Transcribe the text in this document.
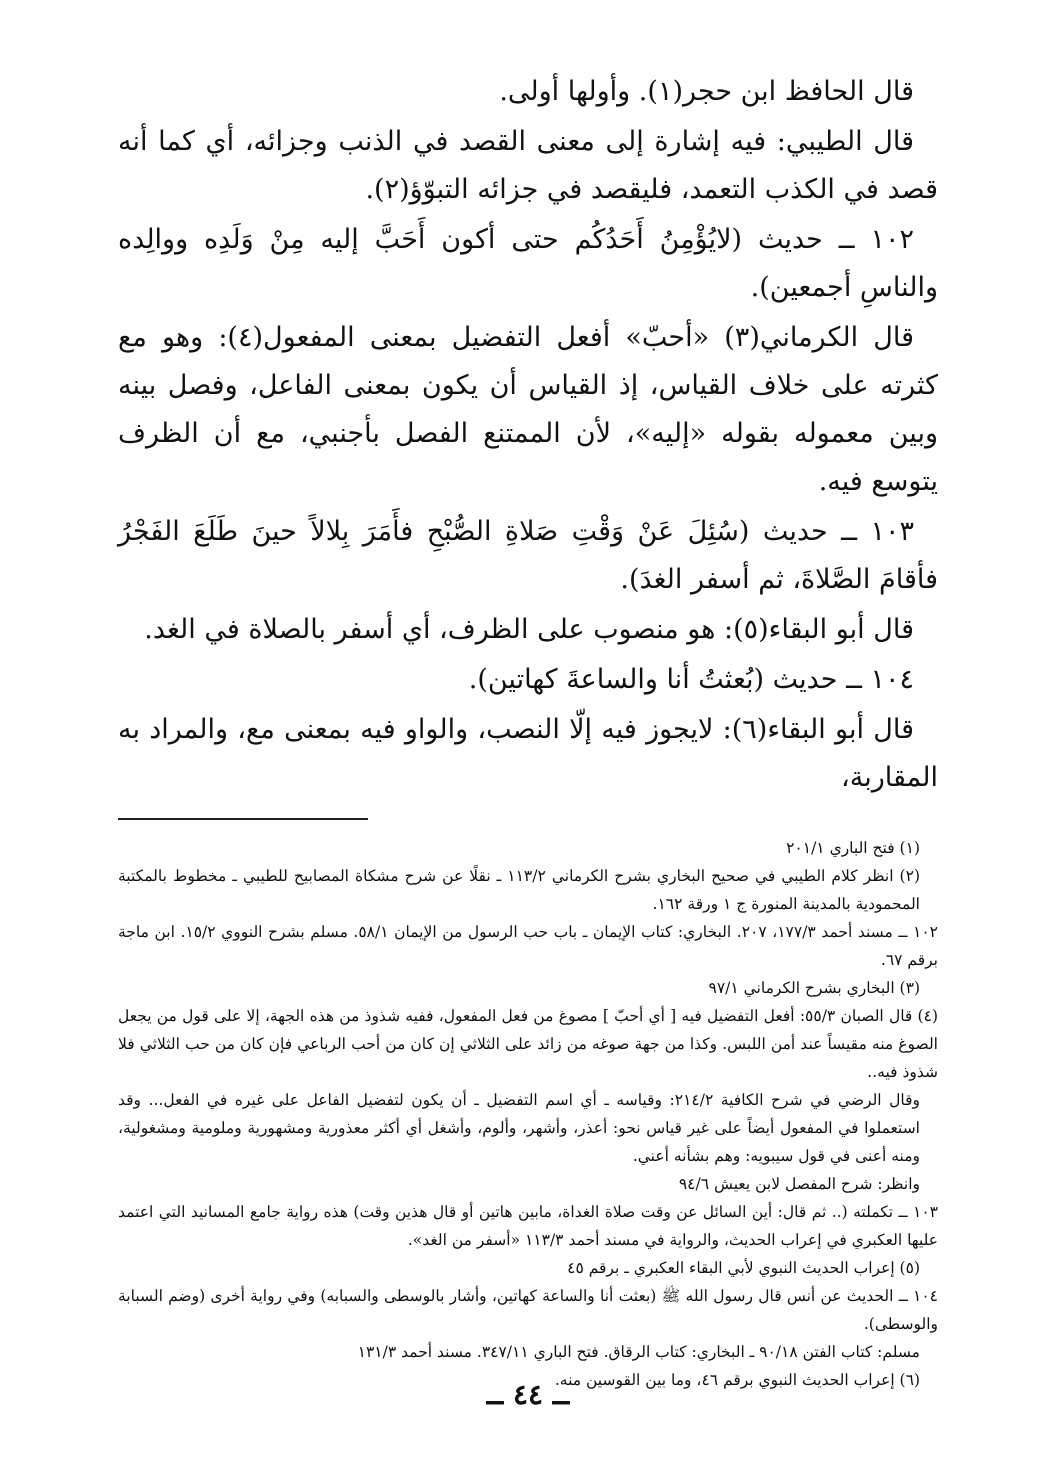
قال الحافظ ابن حجر(١). وأولها أولى.

قال الطيبي: فيه إشارة إلى معنى القصد في الذنب وجزائه، أي كما أنه قصد في الكذب التعمد، فليقصد في جزائه التبوّؤ(٢).

١٠٢ ــ حديث (لايُؤْمِنُ أَحَدُكُم حتى أكون أَحَبَّ إليه مِنْ وَلَدِه ووالِده والناسِ أجمعين).

قال الكرماني(٣) «أحبّ» أفعل التفضيل بمعنى المفعول(٤): وهو مع كثرته على خلاف القياس، إذ القياس أن يكون بمعنى الفاعل، وفصل بينه وبين معموله بقوله «إليه»، لأن الممتنع الفصل بأجنبي، مع أن الظرف يتوسع فيه.

١٠٣ ــ حديث (سُئِلَ عَنْ وَقْتِ صَلاةِ الصُّبْحِ فأَمَرَ بِلالاً حينَ طَلَعَ الفَجْرُ فأقامَ الصَّلاةَ، ثم أسفر الغدَ).

قال أبو البقاء(٥): هو منصوب على الظرف، أي أسفر بالصلاة في الغد.

١٠٤ ــ حديث (بُعثتُ أنا والساعةَ كهاتين).

قال أبو البقاء(٦): لايجوز فيه إلّا النصب، والواو فيه بمعنى مع، والمراد به المقاربة،

(١) فتح الباري ٢٠١/١

(٢) انظر كلام الطيبي في صحيح البخاري بشرح الكرماني ١١٣/٢ ـ نقلًا عن شرح مشكاة المصابيح للطيبي ـ مخطوط بالمكتبة المحمودية بالمدينة المنورة ج ١ ورقة ١٦٢.

١٠٢ ــ مسند أحمد ١٧٧/٣، ٢٠٧. البخاري: كتاب الإيمان ـ باب حب الرسول من الإيمان ٥٨/١. مسلم بشرح النووي ١٥/٢. ابن ماجة برقم ٦٧.

(٣) البخاري بشرح الكرماني ٩٧/١

(٤) قال الصبان ٥٥/٣: أفعل التفضيل فيه [ أي أحبّ ] مصوغ من فعل المفعول، ففيه شذوذ من هذه الجهة، إلا على قول من يجعل الصوغ منه مقيساً عند أمن اللبس. وكذا من جهة صوغه من زائد على الثلاثي إن كان من أحب الرباعي فإن كان من حب الثلاثي فلا شذوذ فيه..

وقال الرضي في شرح الكافية ٢١٤/٢: وقياسه ـ أي اسم التفضيل ـ أن يكون لتفضيل الفاعل على غيره في الفعل... وقد استعملوا في المفعول أيضاً على غير قياس نحو: أعذر، وأشهر، وألوم، وأشغل أي أكثر معذورية ومشهورية وملومية ومشغولية، ومنه أعنى في قول سيبويه: وهم بشأنه أعني.

وانظر: شرح المفصل لابن يعيش ٩٤/٦

١٠٣ ــ تكملته (.. ثم قال: أين السائل عن وقت صلاة الغداة، مابين هاتين أو قال هذين وقت) هذه رواية جامع المسانيد التي اعتمد عليها العكبري في إعراب الحديث، والرواية في مسند أحمد ١١٣/٣ «أسفر من الغد».

(٥) إعراب الحديث النبوي لأبي البقاء العكبري ـ برقم ٤٥

١٠٤ ــ الحديث عن أنس قال رسول الله ﷺ (بعثت أنا والساعة كهاتين، وأشار بالوسطى والسبابه) وفي رواية أخرى (وضم السبابة والوسطى).

مسلم: كتاب الفتن ٩٠/١٨ ـ البخاري: كتاب الرقاق. فتح الباري ٣٤٧/١١. مسند أحمد ١٣١/٣

(٦) إعراب الحديث النبوي برقم ٤٦، وما بين القوسين منه.

ــ ٤٤ ــ
